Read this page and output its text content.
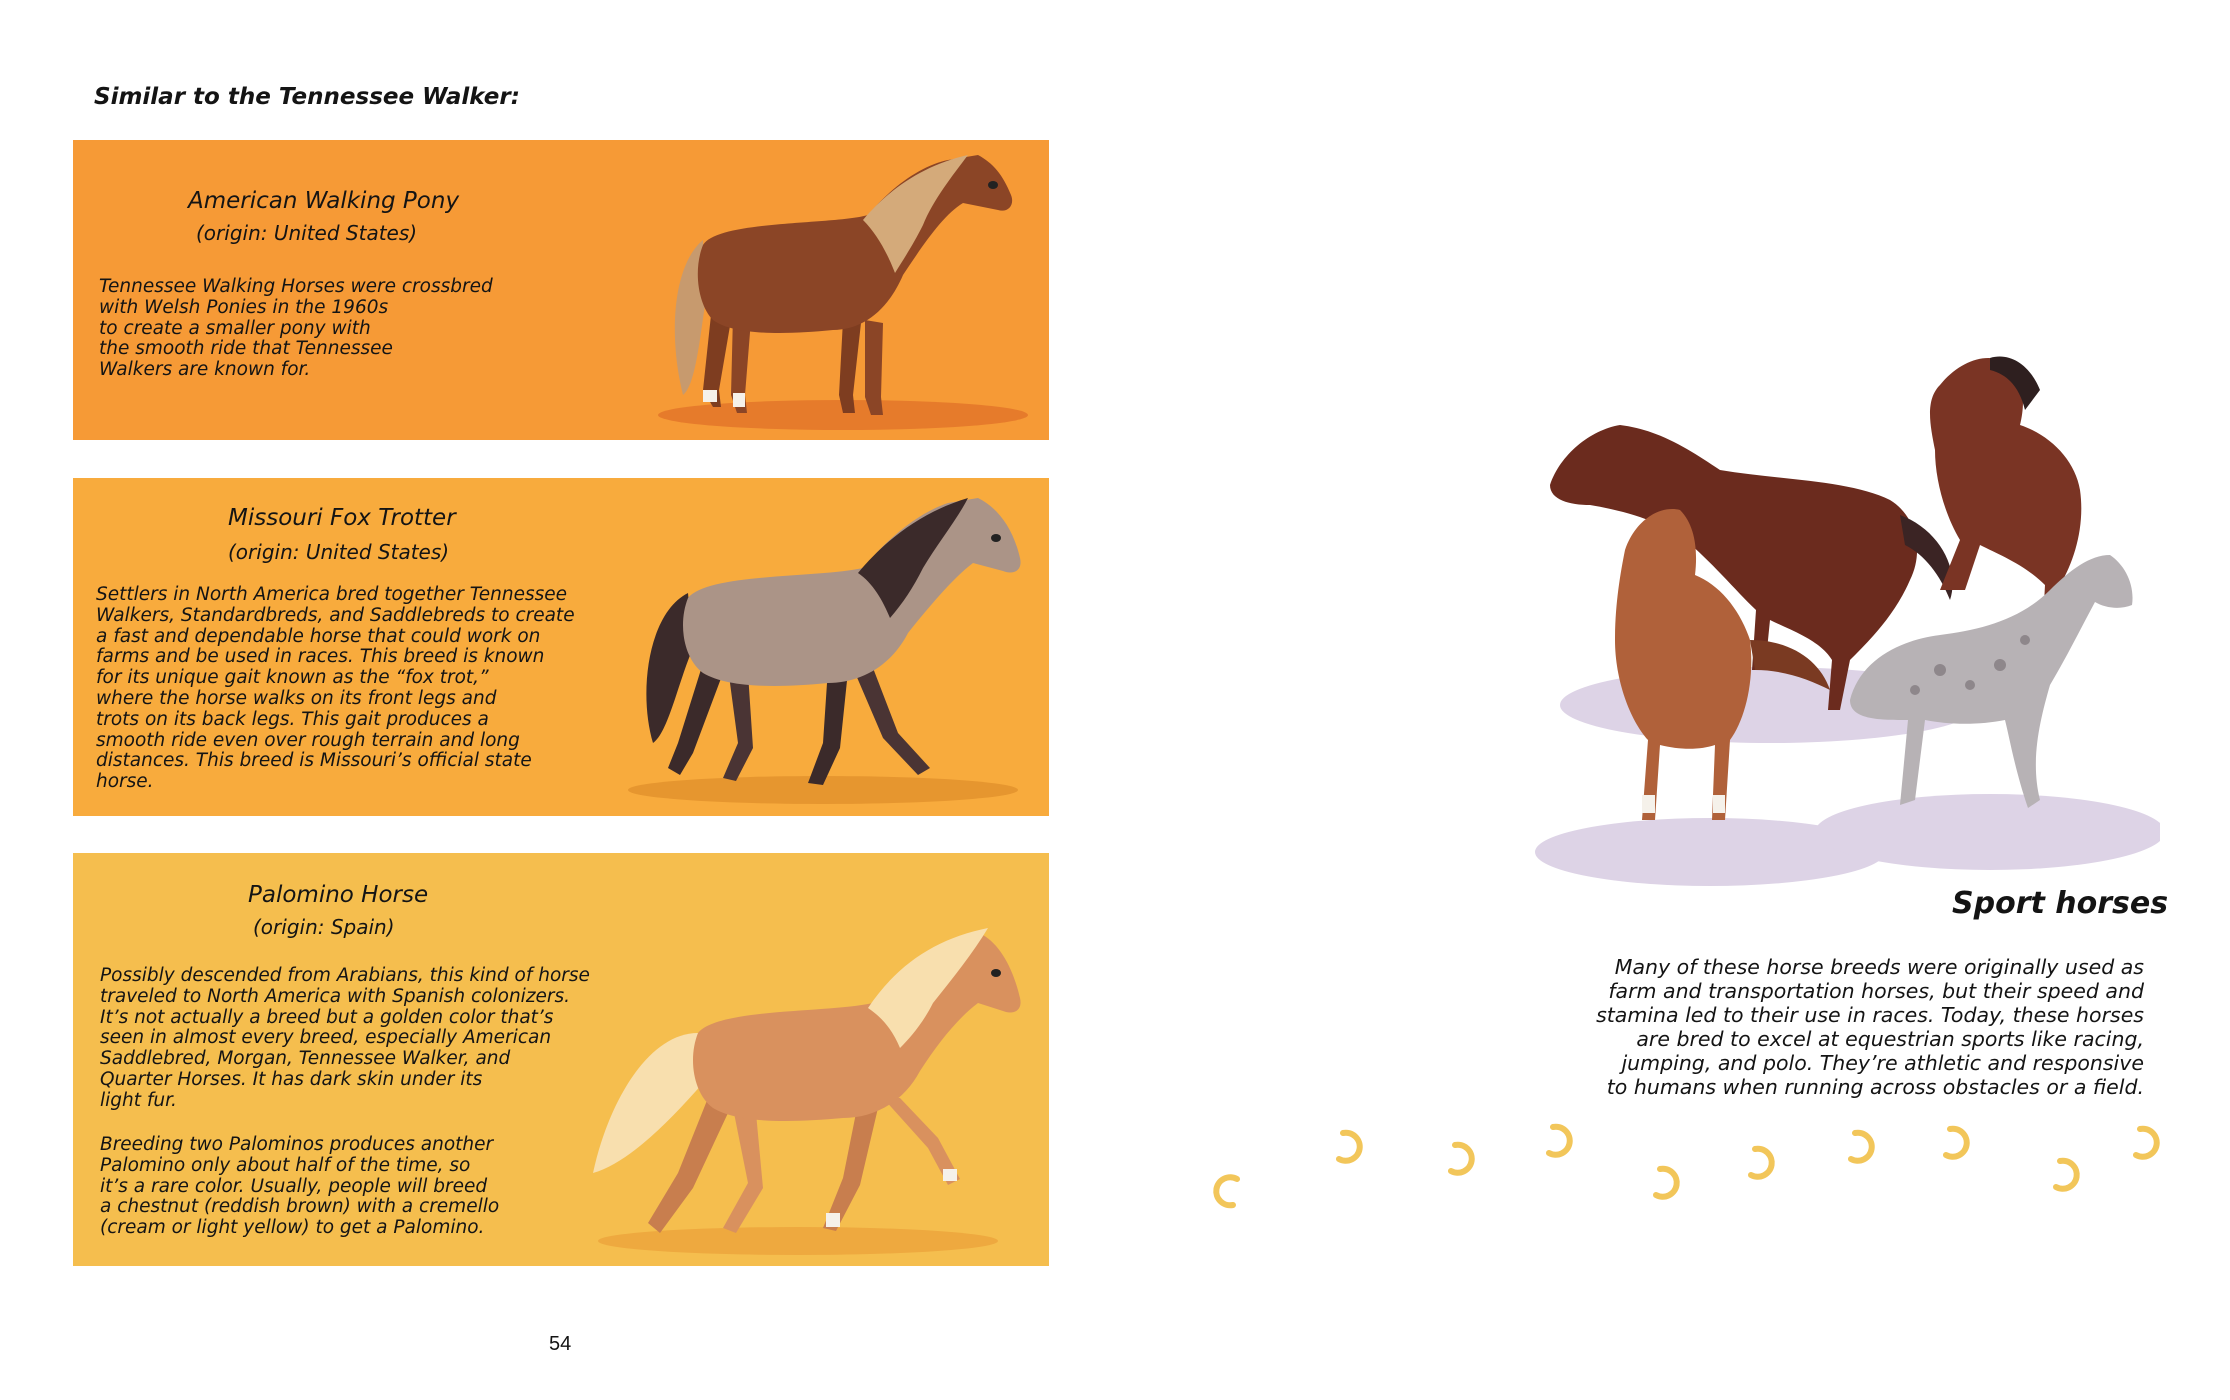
Similar to the Tennessee Walker:
American Walking Pony
(origin: United States)
Tennessee Walking Horses were crossbred
with Welsh Ponies in the 1960s
to create a smaller pony with
the smooth ride that Tennessee
Walkers are known for.
Missouri Fox Trotter
(origin: United States)
Settlers in North America bred together Tennessee
Walkers, Standardbreds, and Saddlebreds to create
a fast and dependable horse that could work on
farms and be used in races. This breed is known
for its unique gait known as the “fox trot,”
where the horse walks on its front legs and
trots on its back legs. This gait produces a
smooth ride even over rough terrain and long
distances. This breed is Missouri’s official state
horse.
Palomino Horse
(origin: Spain)
Possibly descended from Arabians, this kind of horse
traveled to North America with Spanish colonizers.
It’s not actually a breed but a golden color that’s
seen in almost every breed, especially American
Saddlebred, Morgan, Tennessee Walker, and
Quarter Horses. It has dark skin under its
light fur.
Breeding two Palominos produces another
Palomino only about half of the time, so
it’s a rare color. Usually, people will breed
a chestnut (reddish brown) with a cremello
(cream or light yellow) to get a Palomino.
54
Sport horses
Many of these horse breeds were originally used as
farm and transportation horses, but their speed and
stamina led to their use in races. Today, these horses
are bred to excel at equestrian sports like racing,
jumping, and polo. They’re athletic and responsive
to humans when running across obstacles or a field.
